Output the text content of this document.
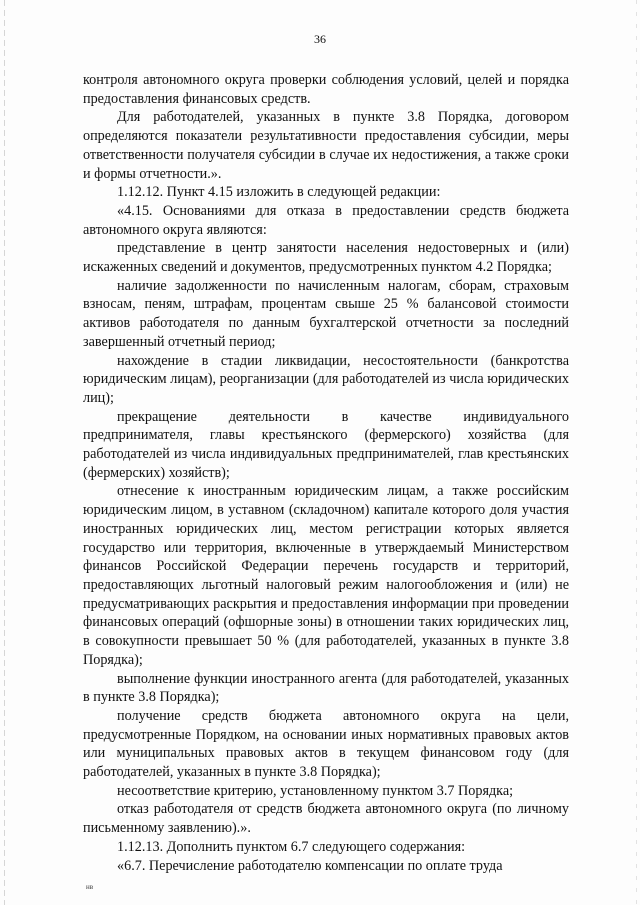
36

контроля автономного округа проверки соблюдения условий, целей и порядка предоставления финансовых средств.

Для работодателей, указанных в пункте 3.8 Порядка, договором определяются показатели результативности предоставления субсидии, меры ответственности получателя субсидии в случае их недостижения, а также сроки и формы отчетности.».

1.12.12. Пункт 4.15 изложить в следующей редакции:

«4.15. Основаниями для отказа в предоставлении средств бюджета автономного округа являются:

представление в центр занятости населения недостоверных и (или) искаженных сведений и документов, предусмотренных пунктом 4.2 Порядка;

наличие задолженности по начисленным налогам, сборам, страховым взносам, пеням, штрафам, процентам свыше 25 % балансовой стоимости активов работодателя по данным бухгалтерской отчетности за последний завершенный отчетный период;

нахождение в стадии ликвидации, несостоятельности (банкротства юридическим лицам), реорганизации (для работодателей из числа юридических лиц);

прекращение деятельности в качестве индивидуального предпринимателя, главы крестьянского (фермерского) хозяйства (для работодателей из числа индивидуальных предпринимателей, глав крестьянских (фермерских) хозяйств);

отнесение к иностранным юридическим лицам, а также российским юридическим лицом, в уставном (складочном) капитале которого доля участия иностранных юридических лиц, местом регистрации которых является государство или территория, включенные в утверждаемый Министерством финансов Российской Федерации перечень государств и территорий, предоставляющих льготный налоговый режим налогообложения и (или) не предусматривающих раскрытия и предоставления информации при проведении финансовых операций (офшорные зоны) в отношении таких юридических лиц, в совокупности превышает 50 % (для работодателей, указанных в пункте 3.8 Порядка);

выполнение функции иностранного агента (для работодателей, указанных в пункте 3.8 Порядка);

получение средств бюджета автономного округа на цели, предусмотренные Порядком, на основании иных нормативных правовых актов или муниципальных правовых актов в текущем финансовом году (для работодателей, указанных в пункте 3.8 Порядка);

несоответствие критерию, установленному пунктом 3.7 Порядка;

отказ работодателя от средств бюджета автономного округа (по личному письменному заявлению).».

1.12.13. Дополнить пунктом 6.7 следующего содержания:

«6.7. Перечисление работодателю компенсации по оплате труда

нв
